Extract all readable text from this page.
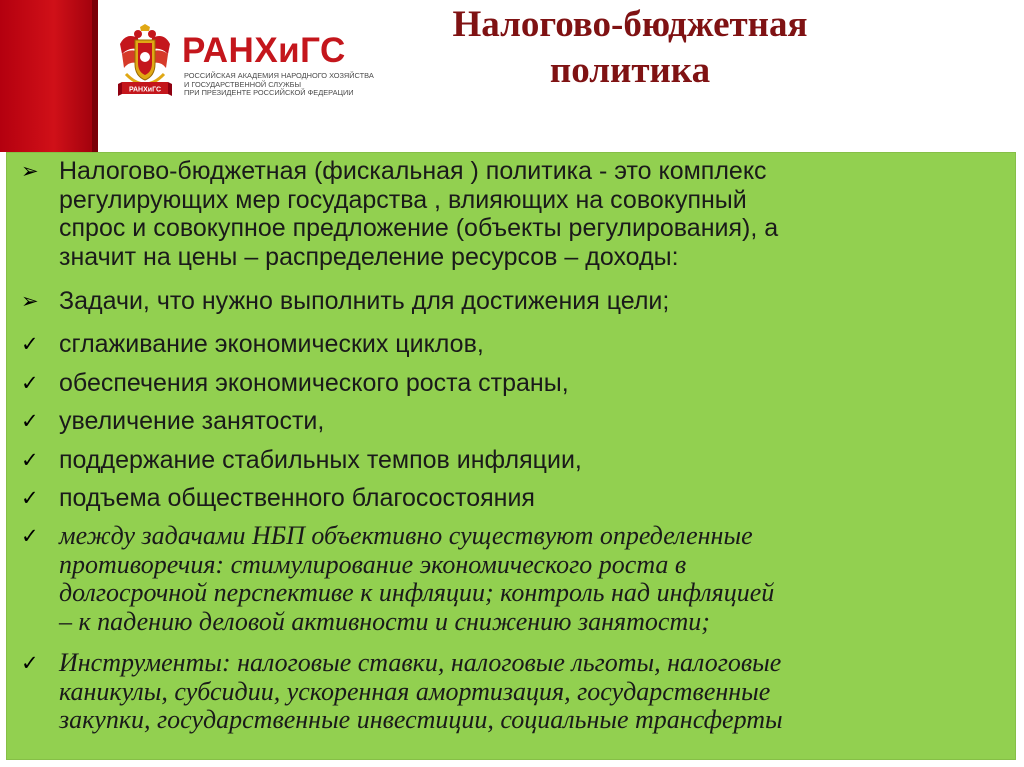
РАНХиГС
РАНХиГС
РОССИЙСКАЯ АКАДЕМИЯ НАРОДНОГО ХОЗЯЙСТВА
И ГОСУДАРСТВЕННОЙ СЛУЖБЫ
ПРИ ПРЕЗИДЕНТЕ РОССИЙСКОЙ ФЕДЕРАЦИИ
Налогово-бюджетная
политика
➢ Налогово-бюджетная (фискальная ) политика - это комплекс
регулирующих мер государства , влияющих на совокупный
спрос и совокупное предложение (объекты регулирования), а
значит на цены – распределение ресурсов – доходы:
➢ Задачи, что нужно выполнить для достижения цели;
✓ сглаживание экономических циклов,
✓ обеспечения экономического роста страны,
✓ увеличение занятости,
✓ поддержание стабильных темпов инфляции,
✓ подъема общественного благосостояния
✓ между задачами НБП объективно существуют определенные
противоречия: стимулирование экономического роста в
долгосрочной перспективе к инфляции; контроль над инфляцией
– к падению деловой активности и снижению занятости;
✓ Инструменты: налоговые ставки, налоговые льготы, налоговые
каникулы, субсидии, ускоренная амортизация, государственные
закупки, государственные инвестиции, социальные трансферты
